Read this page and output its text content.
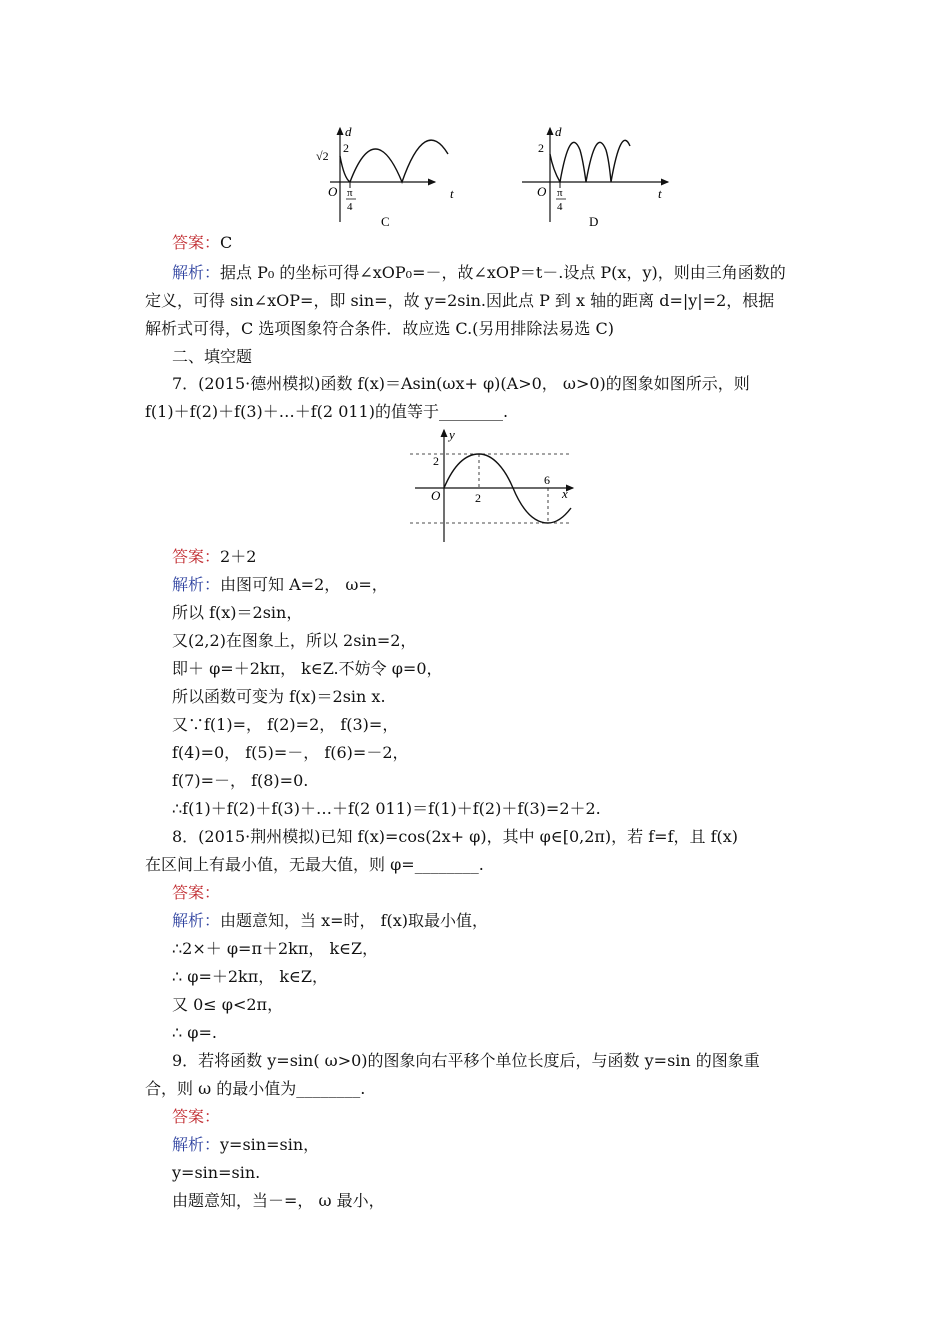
d
t
O
√2
2
π
4
C
d
t
O
2
π
4
D
答案：C
解析：据点 P₀ 的坐标可得∠xOP₀=－，故∠xOP＝t－.设点 P(x，y)，则由三角函数的
定义，可得 sin∠xOP=，即 sin=，故 y=2sin.因此点 P 到 x 轴的距离 d=|y|=2，根据
解析式可得，C 选项图象符合条件．故应选 C.(另用排除法易选 C)
二、填空题
7．(2015·德州模拟)函数 f(x)＝Asin(ωx+ φ)(A>0， ω>0)的图象如图所示，则
f(1)＋f(2)＋f(3)＋…＋f(2 011)的值等于________.
y
x
O
2
2
6
答案：2＋2
解析：由图可知 A=2， ω=，
所以 f(x)＝2sin，
又(2,2)在图象上，所以 2sin=2，
即＋ φ=＋2kπ， k∈Z.不妨令 φ=0，
所以函数可变为 f(x)＝2sin x.
又∵f(1)=， f(2)=2， f(3)=，
f(4)=0， f(5)=－， f(6)=－2，
f(7)=－， f(8)=0.
∴f(1)＋f(2)＋f(3)＋…＋f(2 011)＝f(1)＋f(2)＋f(3)=2＋2.
8．(2015·荆州模拟)已知 f(x)=cos(2x+ φ)，其中 φ∈[0,2π)，若 f=f，且 f(x)
在区间上有最小值，无最大值，则 φ=________.
答案：
解析：由题意知，当 x=时， f(x)取最小值，
∴2×＋ φ=π＋2kπ， k∈Z，
∴ φ=＋2kπ， k∈Z，
又 0≤ φ<2π，
∴ φ=.
9．若将函数 y=sin( ω>0)的图象向右平移个单位长度后，与函数 y=sin 的图象重
合，则 ω 的最小值为________.
答案：
解析：y=sin=sin，
y=sin=sin.
由题意知，当－=， ω 最小，
